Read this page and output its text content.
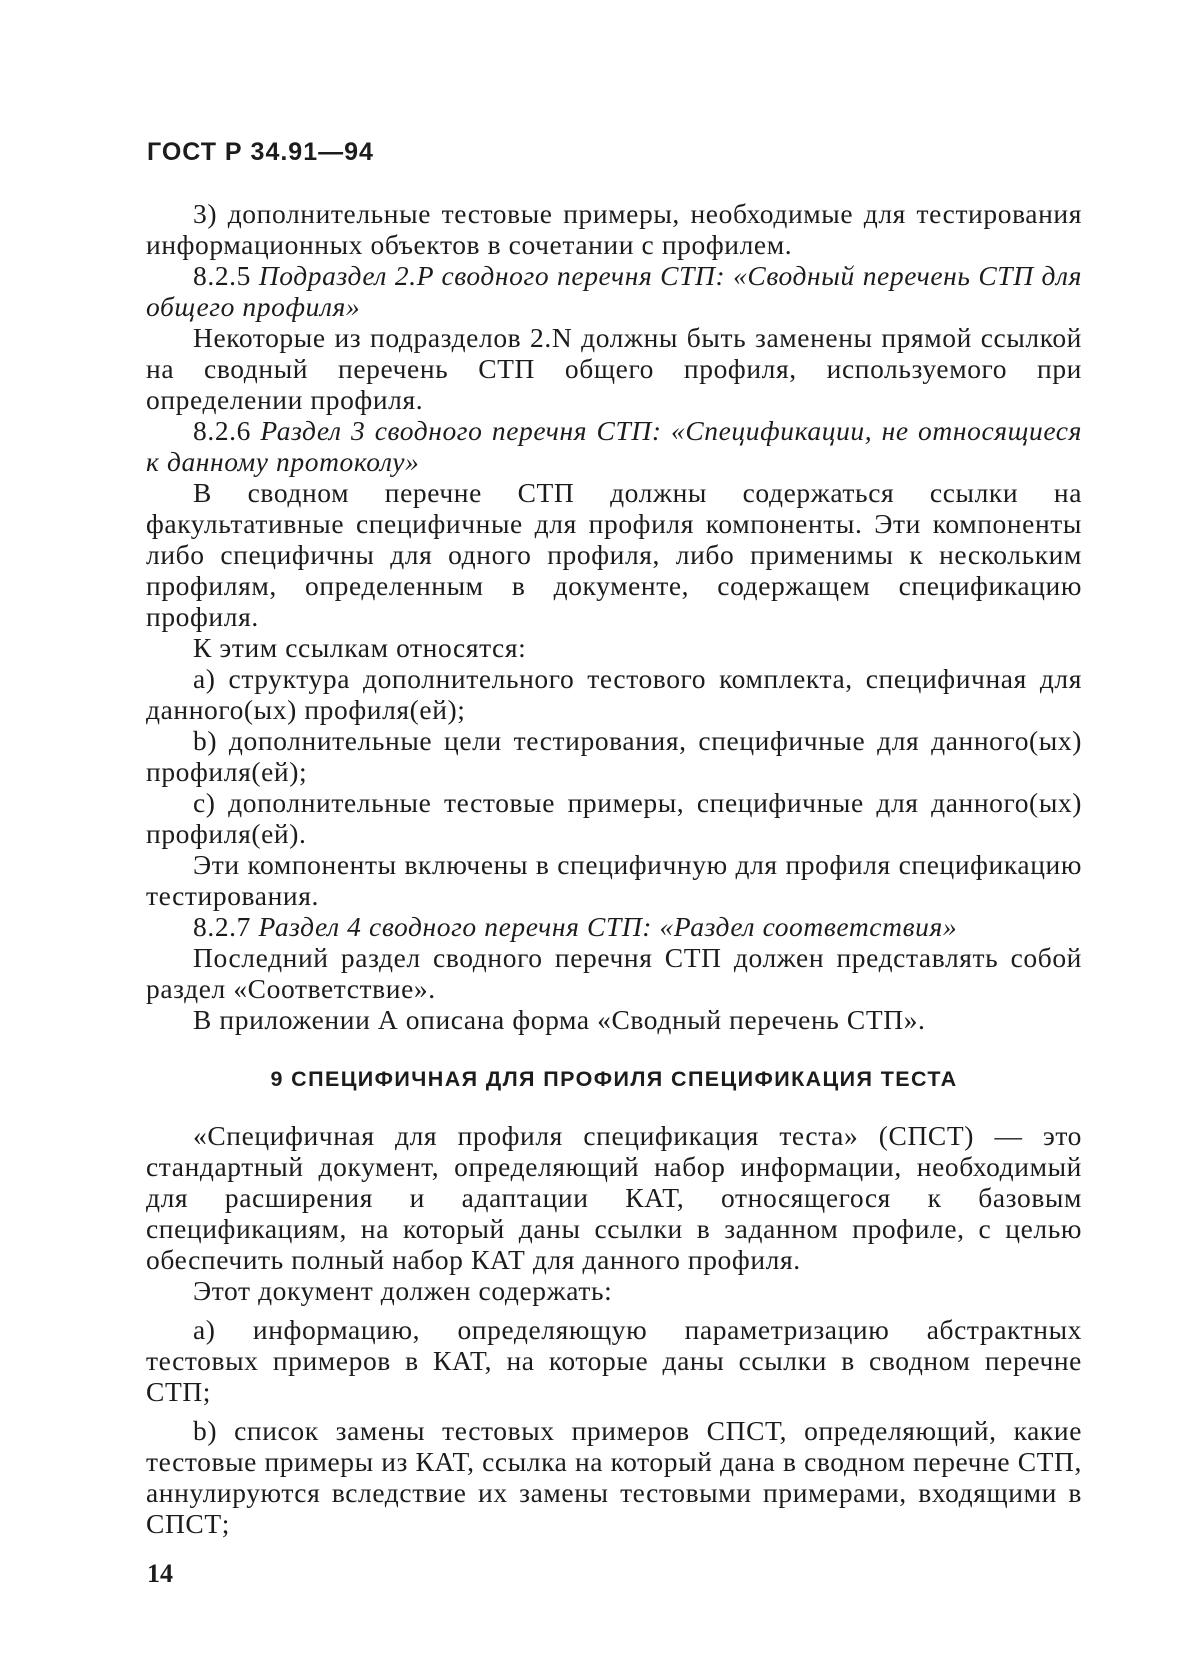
ГОСТ Р 34.91—94

3) дополнительные тестовые примеры, необходимые для тестирования информационных объектов в сочетании с профилем.

8.2.5 Подраздел 2.P сводного перечня СТП: «Сводный перечень СТП для общего профиля»

Некоторые из подразделов 2.N должны быть заменены прямой ссылкой на сводный перечень СТП общего профиля, используемого при определении профиля.

8.2.6 Раздел 3 сводного перечня СТП: «Спецификации, не относящиеся к данному протоколу»

В сводном перечне СТП должны содержаться ссылки на факультативные специфичные для профиля компоненты. Эти компоненты либо специфичны для одного профиля, либо применимы к нескольким профилям, определенным в документе, содержащем спецификацию профиля.

К этим ссылкам относятся:

a) структура дополнительного тестового комплекта, специфичная для данного(ых) профиля(ей);

b) дополнительные цели тестирования, специфичные для данного(ых) профиля(ей);

c) дополнительные тестовые примеры, специфичные для данного(ых) профиля(ей).

Эти компоненты включены в специфичную для профиля спецификацию тестирования.

8.2.7 Раздел 4 сводного перечня СТП: «Раздел соответствия»

Последний раздел сводного перечня СТП должен представлять собой раздел «Соответствие».

В приложении А описана форма «Сводный перечень СТП».

9 СПЕЦИФИЧНАЯ ДЛЯ ПРОФИЛЯ СПЕЦИФИКАЦИЯ ТЕСТА

«Специфичная для профиля спецификация теста» (СПСТ) — это стандартный документ, определяющий набор информации, необходимый для расширения и адаптации КАТ, относящегося к базовым спецификациям, на который даны ссылки в заданном профиле, с целью обеспечить полный набор КАТ для данного профиля.

Этот документ должен содержать:

a) информацию, определяющую параметризацию абстрактных тестовых примеров в КАТ, на которые даны ссылки в сводном перечне СТП;

b) список замены тестовых примеров СПСТ, определяющий, какие тестовые примеры из КАТ, ссылка на который дана в сводном перечне СТП, аннулируются вследствие их замены тестовыми примерами, входящими в СПСТ;

14
